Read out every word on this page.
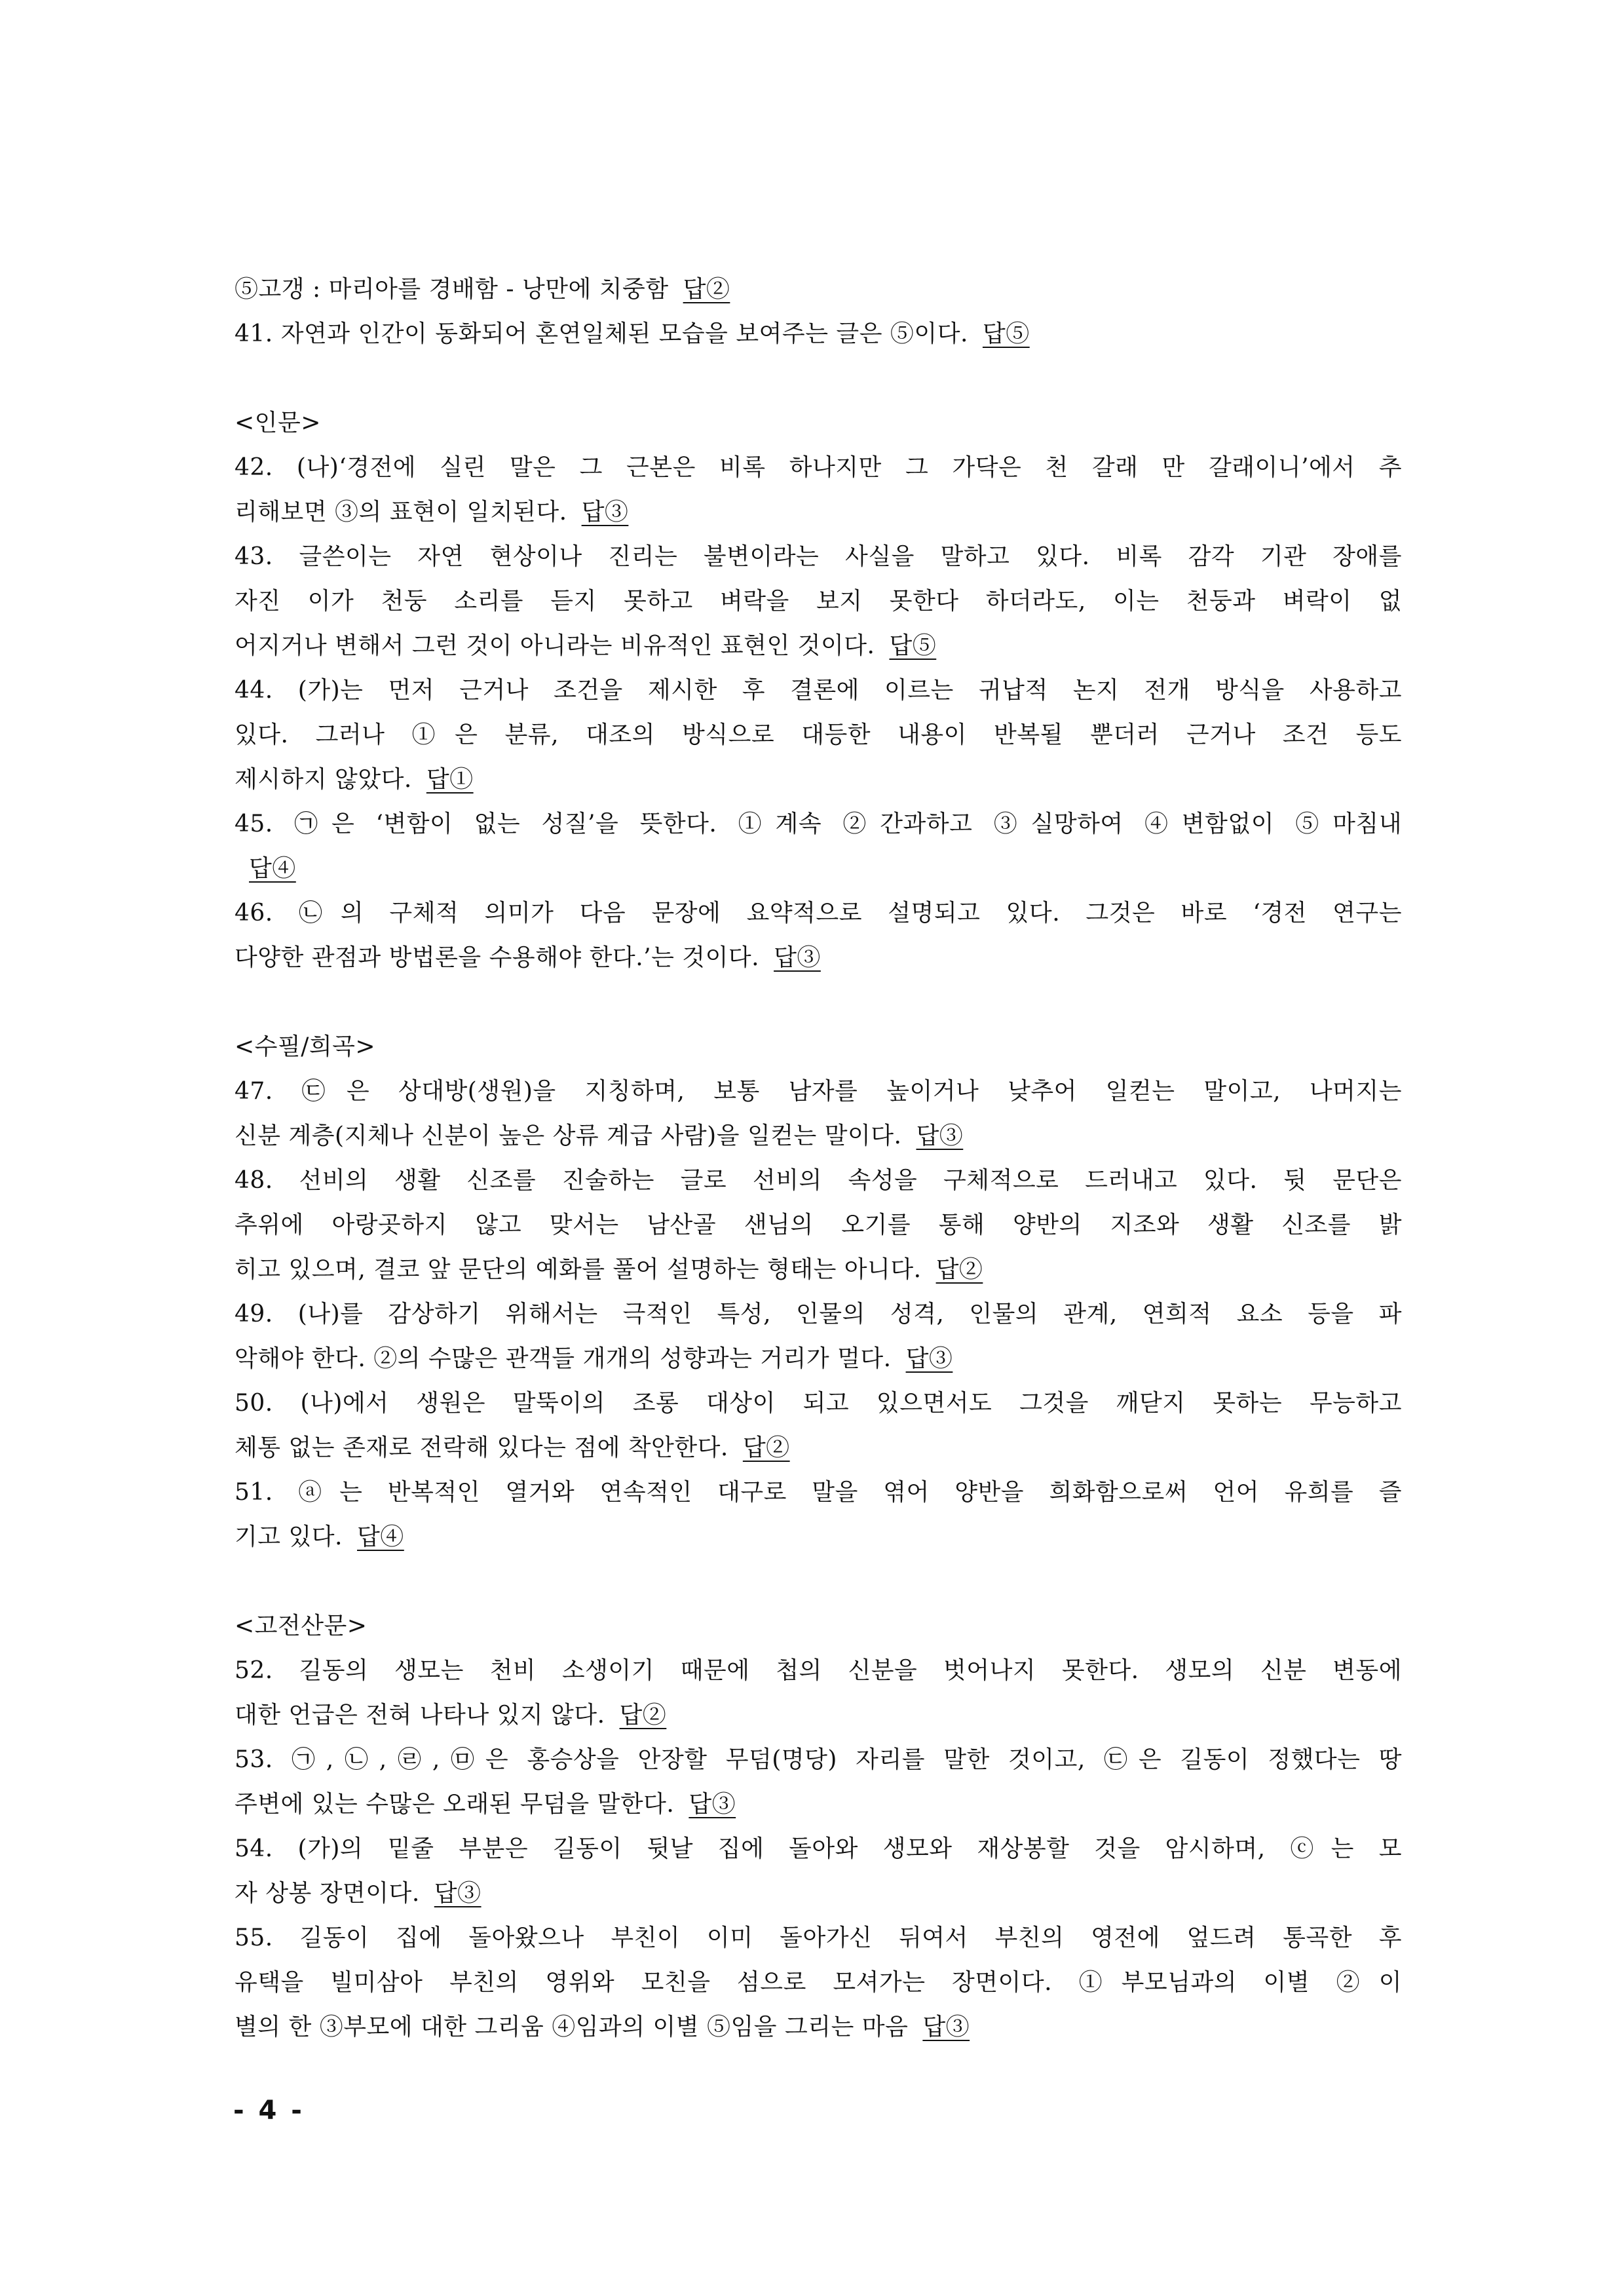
⑤고갱 : 마리아를 경배함 - 낭만에 치중함 답②
41. 자연과 인간이 동화되어 혼연일체된 모습을 보여주는 글은 ⑤이다. 답⑤
<인문>
42. (나)‘경전에 실린 말은 그 근본은 비록 하나지만 그 가닥은 천 갈래 만 갈래이니’에서 추
리해보면 ③의 표현이 일치된다. 답③
43. 글쓴이는 자연 현상이나 진리는 불변이라는 사실을 말하고 있다. 비록 감각 기관 장애를
자진 이가 천둥 소리를 듣지 못하고 벼락을 보지 못한다 하더라도, 이는 천둥과 벼락이 없
어지거나 변해서 그런 것이 아니라는 비유적인 표현인 것이다. 답⑤
44. (가)는 먼저 근거나 조건을 제시한 후 결론에 이르는 귀납적 논지 전개 방식을 사용하고
있다. 그러나 ①은 분류, 대조의 방식으로 대등한 내용이 반복될 뿐더러 근거나 조건 등도
제시하지 않았다. 답①
45. ㉠은 ‘변함이 없는 성질’을 뜻한다. ①계속 ②간과하고 ③실망하여 ④변함없이 ⑤마침내
답④
46. ㉡의 구체적 의미가 다음 문장에 요약적으로 설명되고 있다. 그것은 바로 ‘경전 연구는
다양한 관점과 방법론을 수용해야 한다.’는 것이다. 답③
<수필/희곡>
47. ㉢은 상대방(생원)을 지칭하며, 보통 남자를 높이거나 낮추어 일컫는 말이고, 나머지는
신분 계층(지체나 신분이 높은 상류 계급 사람)을 일컫는 말이다. 답③
48. 선비의 생활 신조를 진술하는 글로 선비의 속성을 구체적으로 드러내고 있다. 뒷 문단은
추위에 아랑곳하지 않고 맞서는 남산골 샌님의 오기를 통해 양반의 지조와 생활 신조를 밝
히고 있으며, 결코 앞 문단의 예화를 풀어 설명하는 형태는 아니다. 답②
49. (나)를 감상하기 위해서는 극적인 특성, 인물의 성격, 인물의 관계, 연희적 요소 등을 파
악해야 한다. ②의 수많은 관객들 개개의 성향과는 거리가 멀다. 답③
50. (나)에서 생원은 말뚝이의 조롱 대상이 되고 있으면서도 그것을 깨닫지 못하는 무능하고
체통 없는 존재로 전락해 있다는 점에 착안한다. 답②
51. ⓐ는 반복적인 열거와 연속적인 대구로 말을 엮어 양반을 희화함으로써 언어 유희를 즐
기고 있다. 답④
<고전산문>
52. 길동의 생모는 천비 소생이기 때문에 첩의 신분을 벗어나지 못한다. 생모의 신분 변동에
대한 언급은 전혀 나타나 있지 않다. 답②
53. ㉠,㉡,㉣,㉤은 홍승상을 안장할 무덤(명당) 자리를 말한 것이고, ㉢은 길동이 정했다는 땅
주변에 있는 수많은 오래된 무덤을 말한다. 답③
54. (가)의 밑줄 부분은 길동이 뒷날 집에 돌아와 생모와 재상봉할 것을 암시하며, ⓒ는 모
자 상봉 장면이다. 답③
55. 길동이 집에 돌아왔으나 부친이 이미 돌아가신 뒤여서 부친의 영전에 엎드려 통곡한 후
유택을 빌미삼아 부친의 영위와 모친을 섬으로 모셔가는 장면이다. ①부모님과의 이별 ②이
별의 한 ③부모에 대한 그리움 ④임과의 이별 ⑤임을 그리는 마음 답③
- 4 -
